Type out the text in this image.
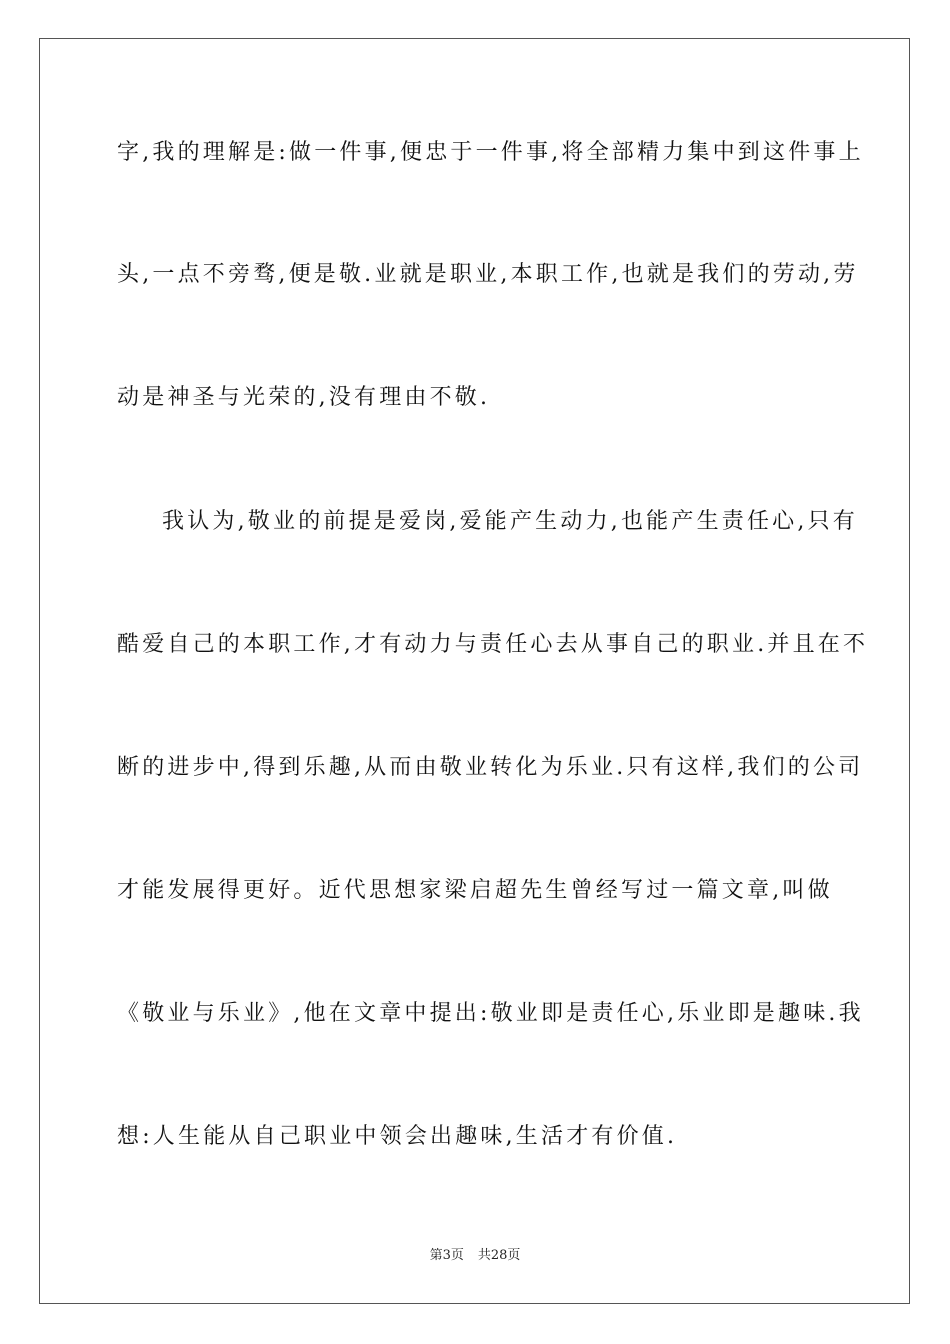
字,我的理解是:做一件事,便忠于一件事,将全部精力集中到这件事上
头,一点不旁骛,便是敬.业就是职业,本职工作,也就是我们的劳动,劳
动是神圣与光荣的,没有理由不敬.
我认为,敬业的前提是爱岗,爱能产生动力,也能产生责任心,只有
酷爱自己的本职工作,才有动力与责任心去从事自己的职业.并且在不
断的进步中,得到乐趣,从而由敬业转化为乐业.只有这样,我们的公司
才能发展得更好。近代思想家梁启超先生曾经写过一篇文章,叫做
《敬业与乐业》,他在文章中提出:敬业即是责任心,乐业即是趣味.我
想:人生能从自己职业中领会出趣味,生活才有价值.
第3页 共28页
